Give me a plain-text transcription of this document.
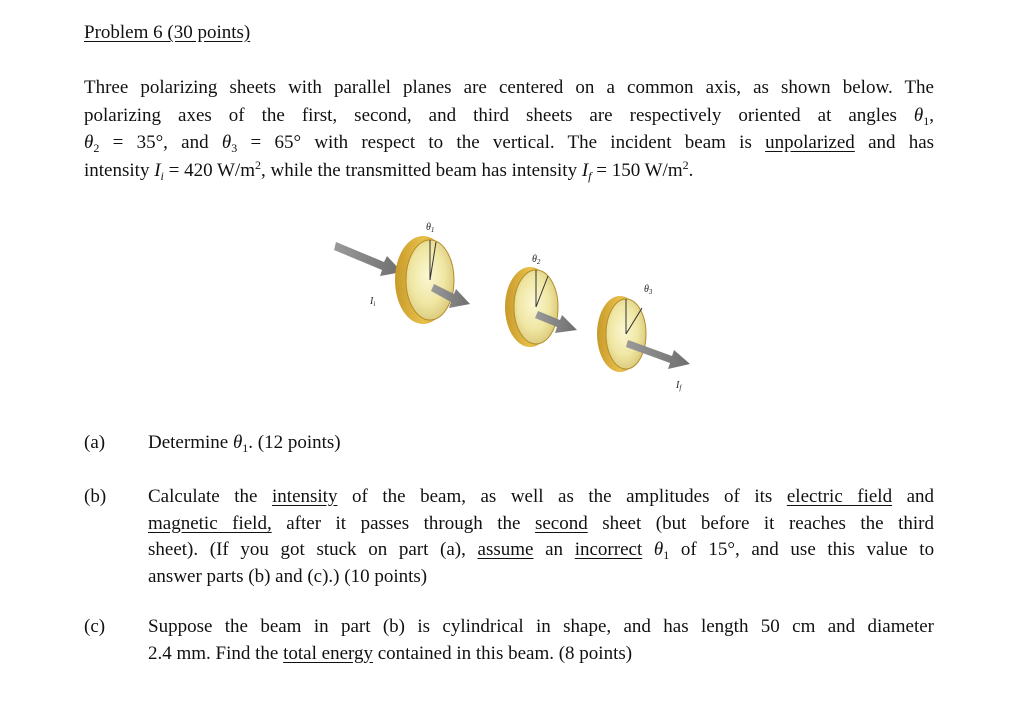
Problem 6 (30 points)
Three polarizing sheets with parallel planes are centered on a common axis, as shown below. The
polarizing axes of the first, second, and third sheets are respectively oriented at angles $\theta_1$,
$\theta_2 = 35^\circ$, and $\theta_3 = 65^\circ$ with respect to the vertical. The incident beam is unpolarized and has
intensity $I_i = 420$ $W/m^2$, while the transmitted beam has intensity $I_f = 150$ $W/m^2$.
$\theta_1$
$\theta_2$
$\theta_3$
$I_i$
$I_f$
(a) Determine $\theta_1$. (12 points)
(b) Calculate the intensity of the beam, as well as the amplitudes of its electric field and
magnetic field, after it passes through the second sheet (but before it reaches the third
sheet). (If you got stuck on part (a), assume an incorrect $\theta_1$ of 15°, and use this value to
answer parts (b) and (c).) (10 points)
(c) Suppose the beam in part (b) is cylindrical in shape, and has length 50 cm and diameter
2.4 mm. Find the total energy contained in this beam. (8 points)
